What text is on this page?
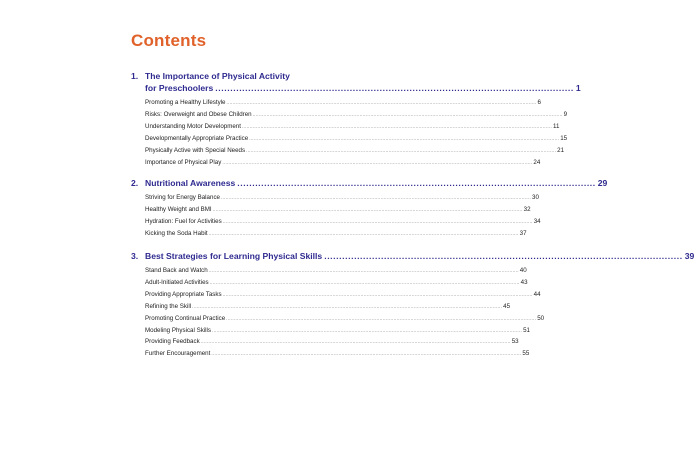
Contents
1. The Importance of Physical Activity
for Preschoolers ........................................................................................................................ 1
Promoting a Healthy Lifestyle ........................................................................................................................................................................................................ 6
Risks: Overweight and Obese Children ........................................................................................................................................................................................................ 9
Understanding Motor Development ........................................................................................................................................................................................................ 11
Developmentally Appropriate Practice ........................................................................................................................................................................................................ 15
Physically Active with Special Needs ........................................................................................................................................................................................................ 21
Importance of Physical Play ........................................................................................................................................................................................................ 24
2. Nutritional Awareness ........................................................................................................................ 29
Striving for Energy Balance ........................................................................................................................................................................................................ 30
Healthy Weight and BMI ........................................................................................................................................................................................................ 32
Hydration: Fuel for Activities ........................................................................................................................................................................................................ 34
Kicking the Soda Habit ........................................................................................................................................................................................................ 37
3. Best Strategies for Learning Physical Skills ........................................................................................................................ 39
Stand Back and Watch ........................................................................................................................................................................................................ 40
Adult-Initiated Activities ........................................................................................................................................................................................................ 43
Providing Appropriate Tasks ........................................................................................................................................................................................................ 44
Refining the Skill ........................................................................................................................................................................................................ 45
Promoting Continual Practice ........................................................................................................................................................................................................ 50
Modeling Physical Skills ........................................................................................................................................................................................................ 51
Providing Feedback ........................................................................................................................................................................................................ 53
Further Encouragement ........................................................................................................................................................................................................ 55
